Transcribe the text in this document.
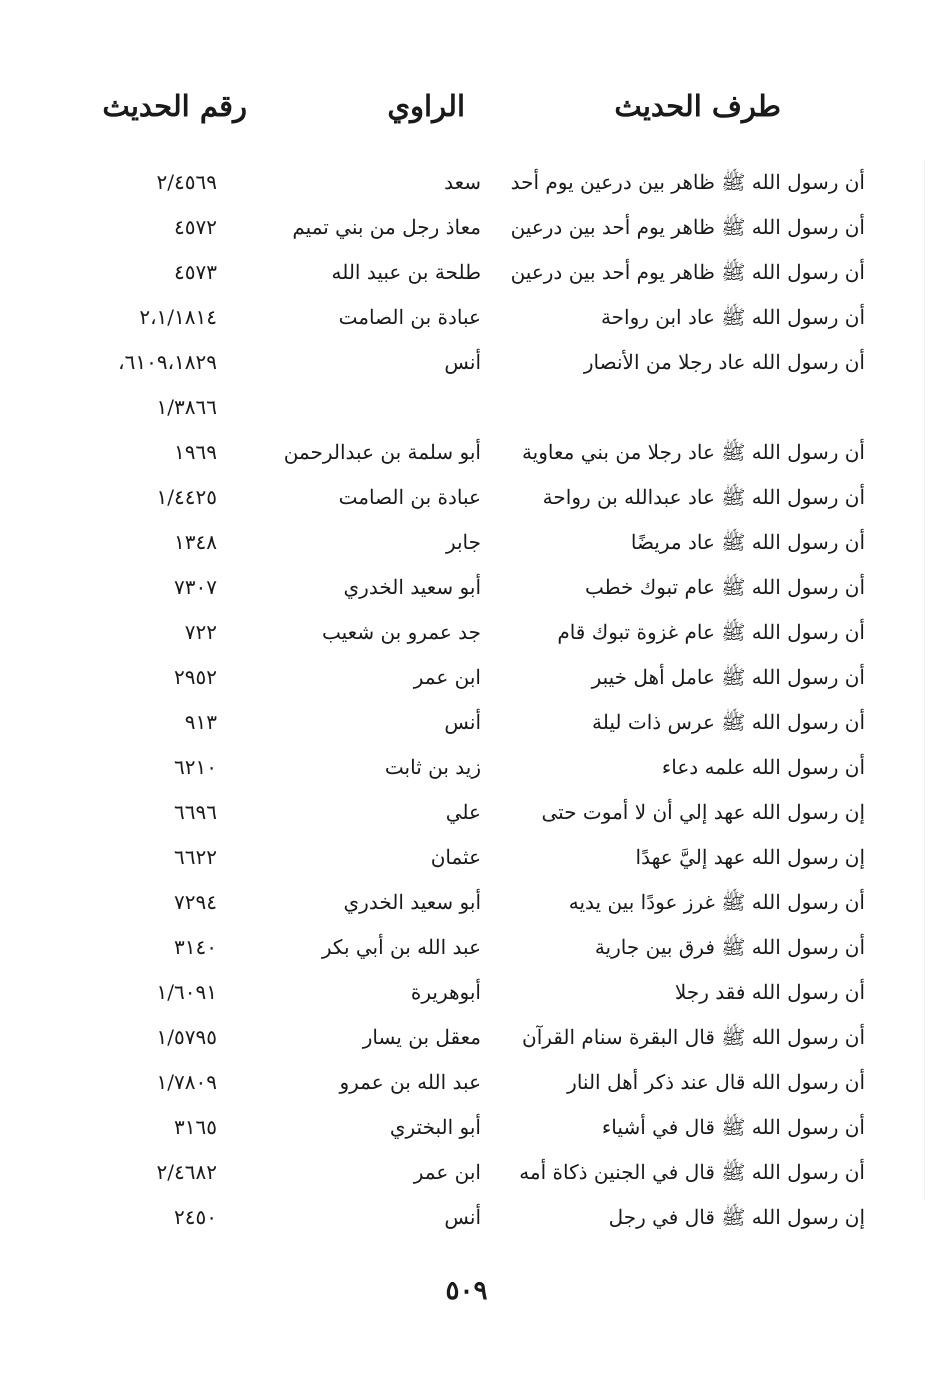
طرف الحديث
الراوي
رقم الحديث
أن رسول الله ﷺ ظاهر بين درعين يوم أحد
سعد
٢/٤٥٦٩
أن رسول الله ﷺ ظاهر يوم أحد بين درعين
معاذ رجل من بني تميم
٤٥٧٢
أن رسول الله ﷺ ظاهر يوم أحد بين درعين
طلحة بن عبيد الله
٤٥٧٣
أن رسول الله ﷺ عاد ابن رواحة
عبادة بن الصامت
٢،١/١٨١٤
أن رسول الله عاد رجلا من الأنصار
أنس
٦١٠٩،١٨٢٩،
١/٣٨٦٦
أن رسول الله ﷺ عاد رجلا من بني معاوية
أبو سلمة بن عبدالرحمن
١٩٦٩
أن رسول الله ﷺ عاد عبدالله بن رواحة
عبادة بن الصامت
١/٤٤٢٥
أن رسول الله ﷺ عاد مريضًا
جابر
١٣٤٨
أن رسول الله ﷺ عام تبوك خطب
أبو سعيد الخدري
٧٣٠٧
أن رسول الله ﷺ عام غزوة تبوك قام
جد عمرو بن شعيب
٧٢٢
أن رسول الله ﷺ عامل أهل خيبر
ابن عمر
٢٩٥٢
أن رسول الله ﷺ عرس ذات ليلة
أنس
٩١٣
أن رسول الله علمه دعاء
زيد بن ثابت
٦٢١٠
إن رسول الله عهد إلي أن لا أموت حتى
علي
٦٦٩٦
إن رسول الله عهد إليَّ عهدًا
عثمان
٦٦٢٢
أن رسول الله ﷺ غرز عودًا بين يديه
أبو سعيد الخدري
٧٢٩٤
أن رسول الله ﷺ فرق بين جارية
عبد الله بن أبي بكر
٣١٤٠
أن رسول الله فقد رجلا
أبوهريرة
١/٦٠٩١
أن رسول الله ﷺ قال البقرة سنام القرآن
معقل بن يسار
١/٥٧٩٥
أن رسول الله قال عند ذكر أهل النار
عبد الله بن عمرو
١/٧٨٠٩
أن رسول الله ﷺ قال في أشياء
أبو البختري
٣١٦٥
أن رسول الله ﷺ قال في الجنين ذكاة أمه
ابن عمر
٢/٤٦٨٢
إن رسول الله ﷺ قال في رجل
أنس
٢٤٥٠
٥٠٩
